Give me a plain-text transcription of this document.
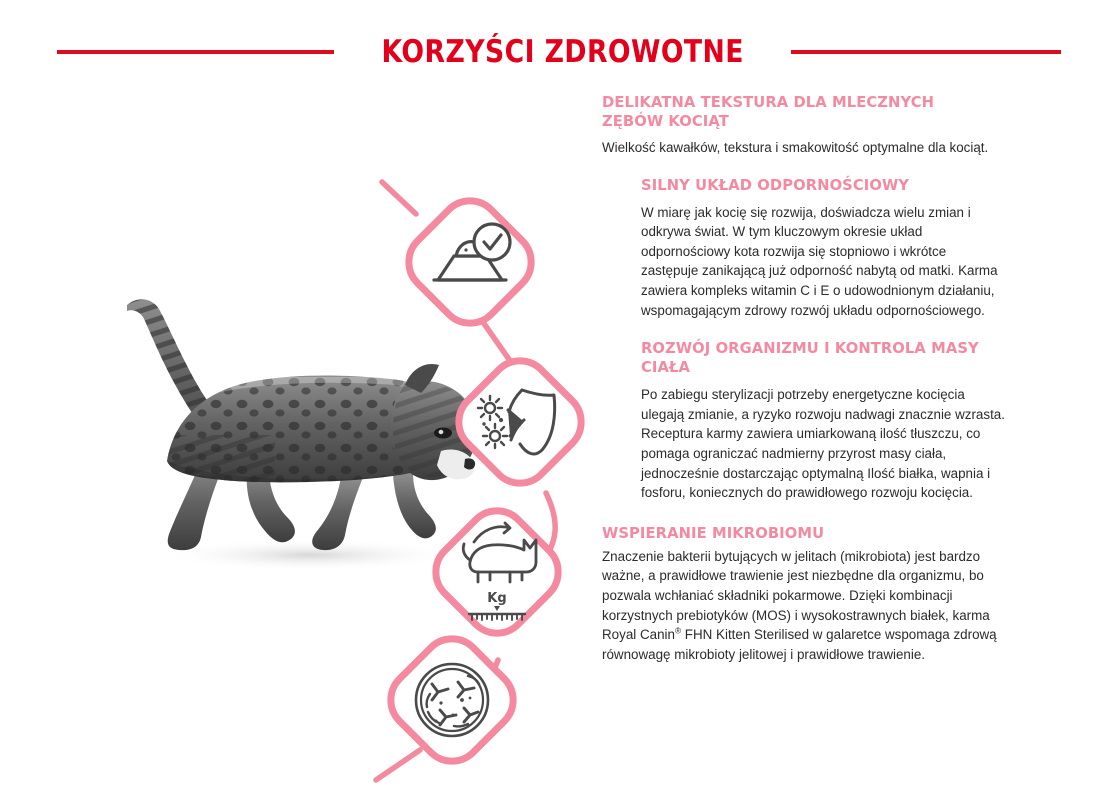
KORZYŚCI ZDROWOTNE
Kg
DELIKATNA TEKSTURA DLA MLECZNYCH ZĘBÓW KOCIĄT

Wielkość kawałków, tekstura i smakowitość optymalne dla kociąt.

SILNY UKŁAD ODPORNOŚCIOWY

W miarę jak kocię się rozwija, doświadcza wielu zmian i odkrywa świat. W tym kluczowym okresie układ odpornościowy kota rozwija się stopniowo i wkrótce zastępuje zanikającą już odporność nabytą od matki. Karma zawiera kompleks witamin C i E o udowodnionym działaniu, wspomagającym zdrowy rozwój układu odpornościowego.

ROZWÓJ ORGANIZMU I KONTROLA MASY CIAŁA

Po zabiegu sterylizacji potrzeby energetyczne kocięcia ulegają zmianie, a ryzyko rozwoju nadwagi znacznie wzrasta. Receptura karmy zawiera umiarkowaną ilość tłuszczu, co pomaga ograniczać nadmierny przyrost masy ciała, jednocześnie dostarczając optymalną Ilość białka, wapnia i fosforu, koniecznych do prawidłowego rozwoju kocięcia.

WSPIERANIE MIKROBIOMU

Znaczenie bakterii bytujących w jelitach (mikrobiota) jest bardzo ważne, a prawidłowe trawienie jest niezbędne dla organizmu, bo pozwala wchłaniać składniki pokarmowe. Dzięki kombinacji korzystnych prebiotyków (MOS) i wysokostrawnych białek, karma Royal Canin® FHN Kitten Sterilised w galaretce wspomaga zdrową równowagę mikrobioty jelitowej i prawidłowe trawienie.
